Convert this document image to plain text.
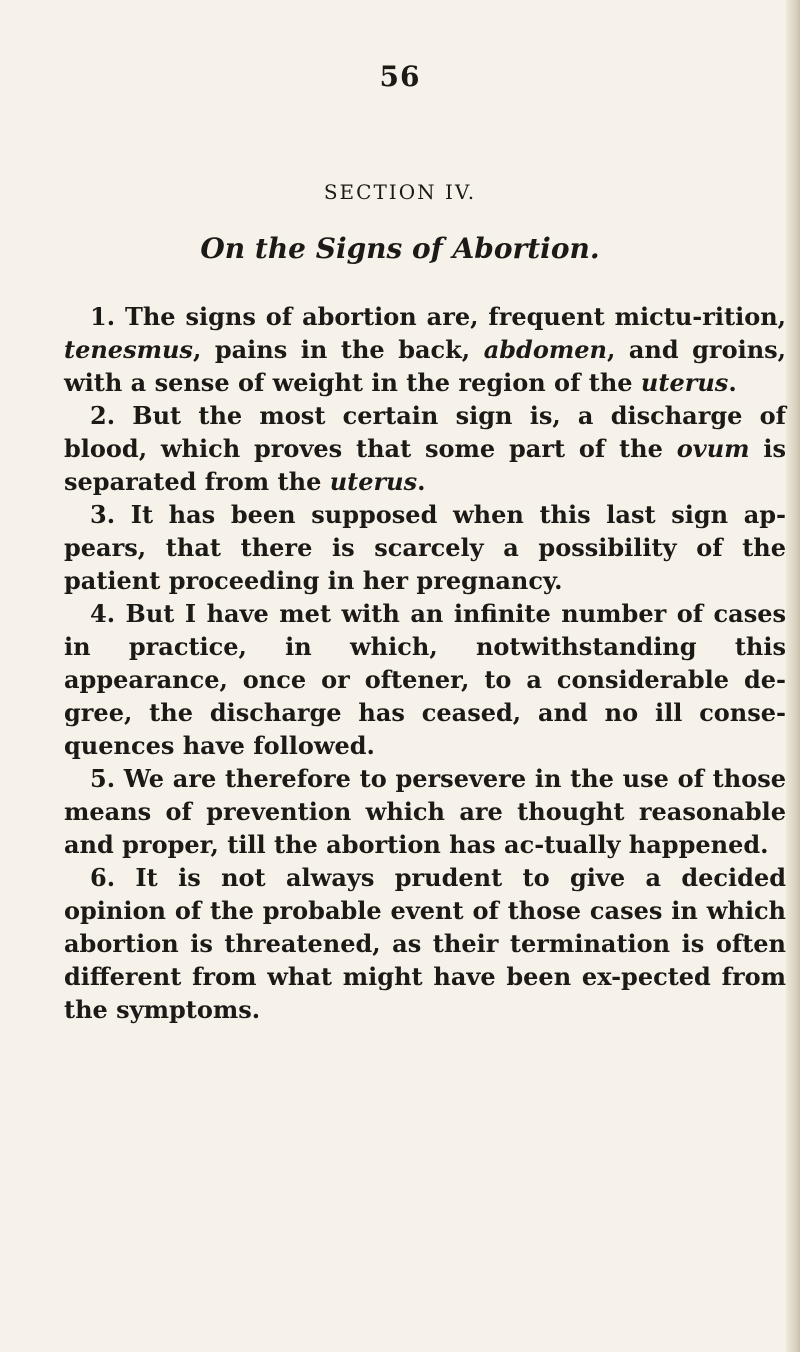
56
SECTION IV.
On the Signs of Abortion.

1. The signs of abortion are, frequent mictu-rition, tenesmus, pains in the back, abdomen, and groins, with a sense of weight in the region of the uterus.

2. But the most certain sign is, a discharge of blood, which proves that some part of the ovum is separated from the uterus.

3. It has been supposed when this last sign ap-pears, that there is scarcely a possibility of the patient proceeding in her pregnancy.

4. But I have met with an infinite number of cases in practice, in which, notwithstanding this appearance, once or oftener, to a considerable de-gree, the discharge has ceased, and no ill conse-quences have followed.

5. We are therefore to persevere in the use of those means of prevention which are thought reasonable and proper, till the abortion has ac-tually happened.

6. It is not always prudent to give a decided opinion of the probable event of those cases in which abortion is threatened, as their termination is often different from what might have been ex-pected from the symptoms.
